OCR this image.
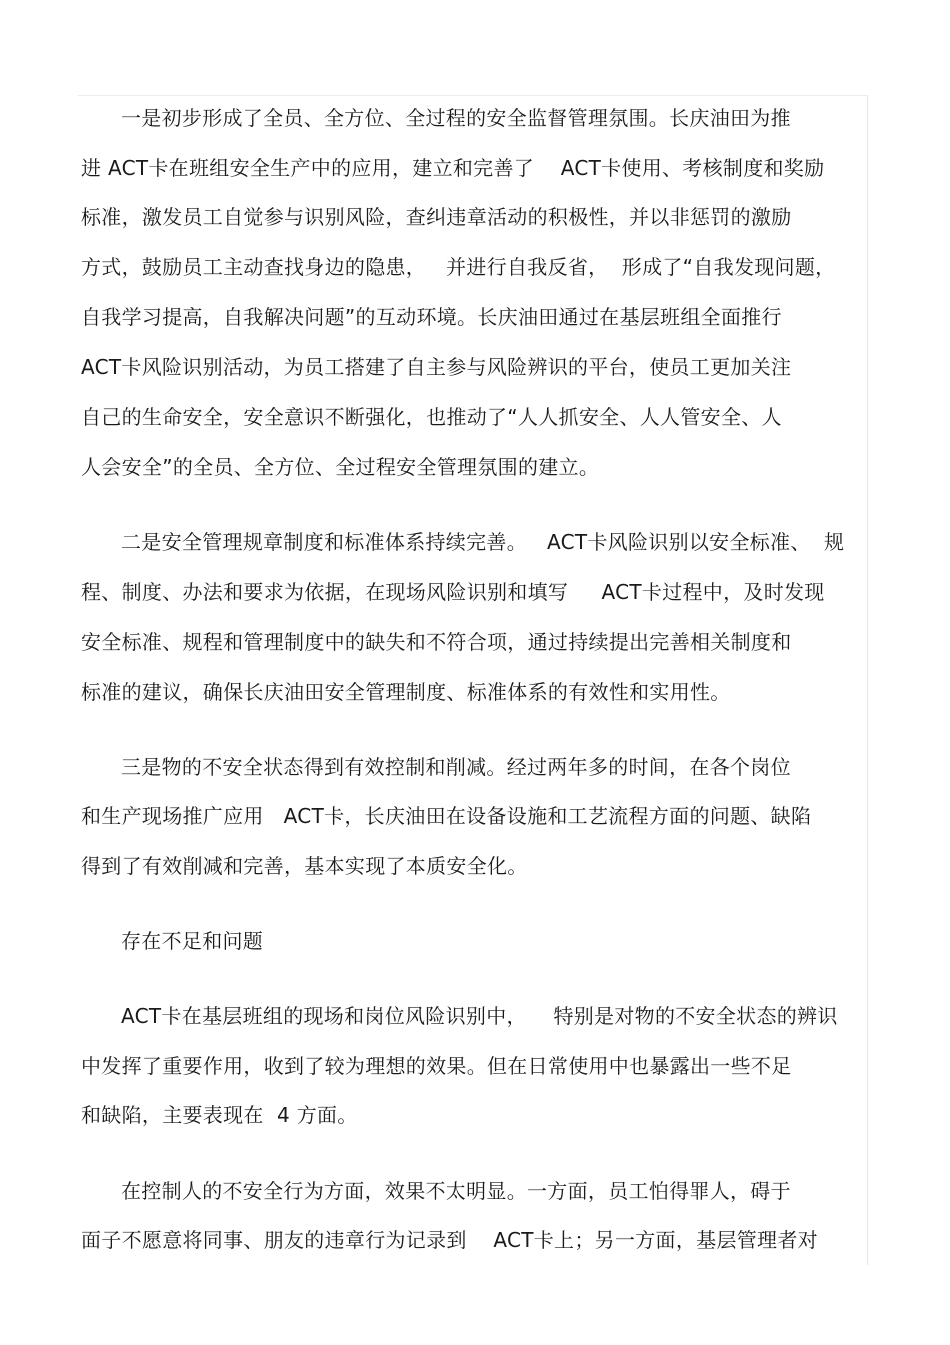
一是初步形成了全员、全方位、全过程的安全监督管理氛围。长庆油田为推
进 ACT卡在班组安全生产中的应用，建立和完善了    ACT卡使用、考核制度和奖励
标准，激发员工自觉参与识别风险，查纠违章活动的积极性，并以非惩罚的激励
方式，鼓励员工主动查找身边的隐患，   并进行自我反省，  形成了“自我发现问题，
自我学习提高，自我解决问题”的互动环境。长庆油田通过在基层班组全面推行
ACT卡风险识别活动，为员工搭建了自主参与风险辨识的平台，使员工更加关注
自己的生命安全，安全意识不断强化，也推动了“人人抓安全、人人管安全、人
人会安全”的全员、全方位、全过程安全管理氛围的建立。
二是安全管理规章制度和标准体系持续完善。   ACT卡风险识别以安全标准、  规
程、制度、办法和要求为依据，在现场风险识别和填写     ACT卡过程中，及时发现
安全标准、规程和管理制度中的缺失和不符合项，通过持续提出完善相关制度和
标准的建议，确保长庆油田安全管理制度、标准体系的有效性和实用性。
三是物的不安全状态得到有效控制和削减。经过两年多的时间，在各个岗位
和生产现场推广应用   ACT卡，长庆油田在设备设施和工艺流程方面的问题、缺陷
得到了有效削减和完善，基本实现了本质安全化。
存在不足和问题
ACT卡在基层班组的现场和岗位风险识别中，    特别是对物的不安全状态的辨识
中发挥了重要作用，收到了较为理想的效果。但在日常使用中也暴露出一些不足
和缺陷，主要表现在  4 方面。
在控制人的不安全行为方面，效果不太明显。一方面，员工怕得罪人，碍于
面子不愿意将同事、朋友的违章行为记录到    ACT卡上；另一方面，基层管理者对
